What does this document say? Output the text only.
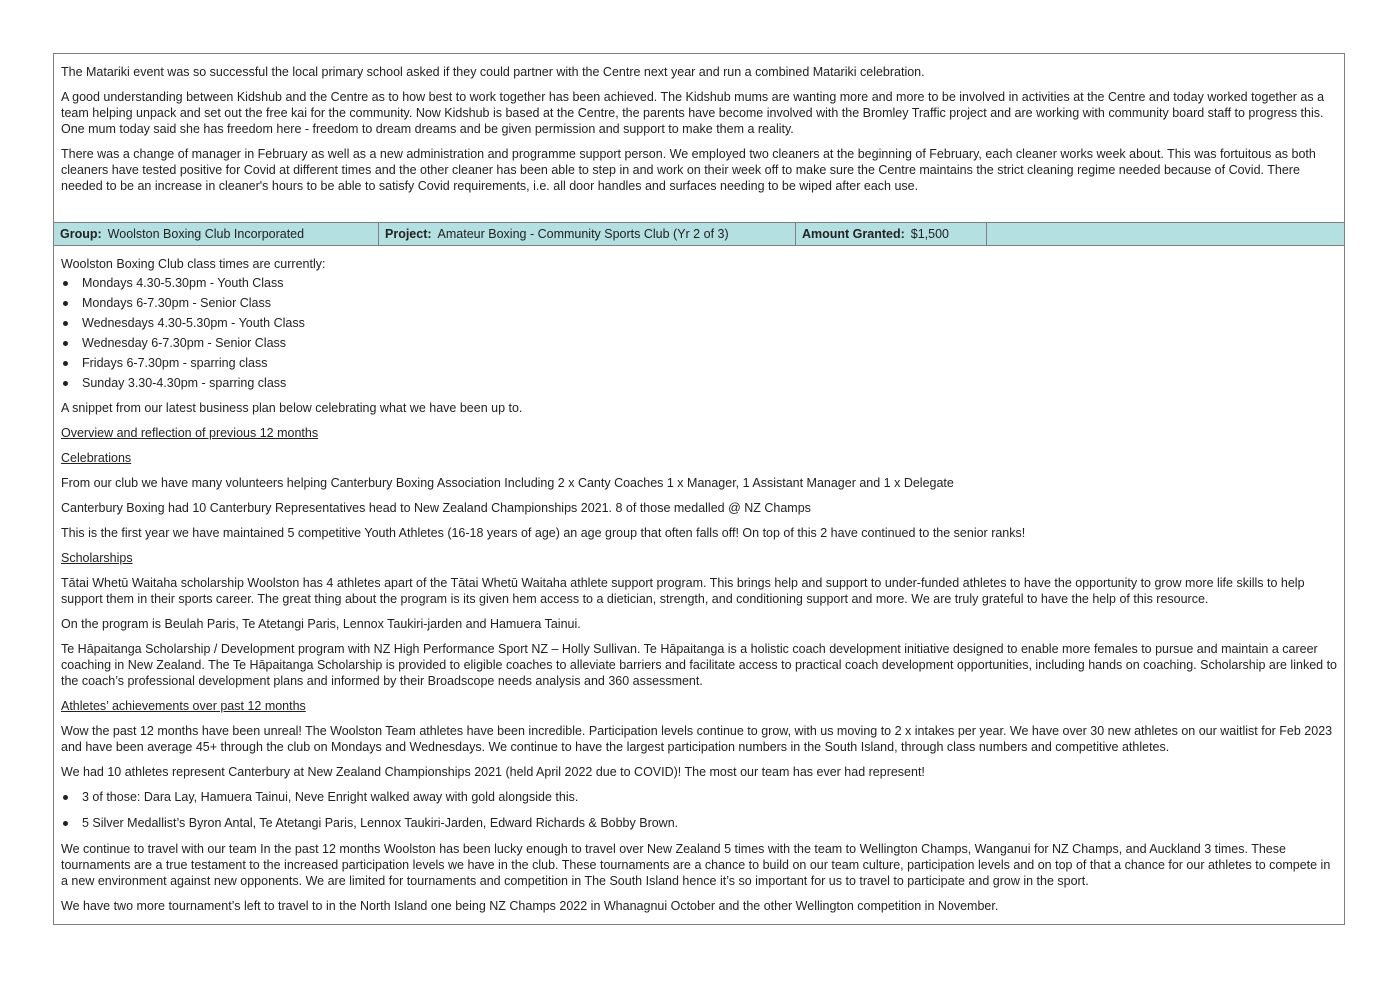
The Matariki event was so successful the local primary school asked if they could partner with the Centre next year and run a combined Matariki celebration.

A good understanding between Kidshub and the Centre as to how best to work together has been achieved. The Kidshub mums are wanting more and more to be involved in activities at the Centre and today worked together as a team helping unpack and set out the free kai for the community. Now Kidshub is based at the Centre, the parents have become involved with the Bromley Traffic project and are working with community board staff to progress this. One mum today said she has freedom here - freedom to dream dreams and be given permission and support to make them a reality.

There was a change of manager in February as well as a new administration and programme support person. We employed two cleaners at the beginning of February, each cleaner works week about. This was fortuitous as both cleaners have tested positive for Covid at different times and the other cleaner has been able to step in and work on their week off to make sure the Centre maintains the strict cleaning regime needed because of Covid. There needed to be an increase in cleaner's hours to be able to satisfy Covid requirements, i.e. all door handles and surfaces needing to be wiped after each use.

Group: Woolston Boxing Club Incorporated	Project: Amateur Boxing - Community Sports Club (Yr 2 of 3)	Amount Granted: $1,500

Woolston Boxing Club class times are currently:

Mondays 4.30-5.30pm - Youth Class
Mondays 6-7.30pm - Senior Class
Wednesdays 4.30-5.30pm - Youth Class
Wednesday 6-7.30pm - Senior Class
Fridays 6-7.30pm - sparring class
Sunday 3.30-4.30pm - sparring class

A snippet from our latest business plan below celebrating what we have been up to.

Overview and reflection of previous 12 months

Celebrations

From our club we have many volunteers helping Canterbury Boxing Association Including 2 x Canty Coaches 1 x Manager, 1 Assistant Manager and 1 x Delegate

Canterbury Boxing had 10 Canterbury Representatives head to New Zealand Championships 2021. 8 of those medalled @ NZ Champs

This is the first year we have maintained 5 competitive Youth Athletes (16-18 years of age) an age group that often falls off! On top of this 2 have continued to the senior ranks!

Scholarships

Tātai Whetū Waitaha scholarship Woolston has 4 athletes apart of the Tātai Whetū Waitaha athlete support program. This brings help and support to under-funded athletes to have the opportunity to grow more life skills to help support them in their sports career. The great thing about the program is its given hem access to a dietician, strength, and conditioning support and more. We are truly grateful to have the help of this resource.

On the program is Beulah Paris, Te Atetangi Paris, Lennox Taukiri-jarden and Hamuera Tainui.

Te Hāpaitanga Scholarship / Development program with NZ High Performance Sport NZ – Holly Sullivan. Te Hāpaitanga is a holistic coach development initiative designed to enable more females to pursue and maintain a career coaching in New Zealand. The Te Hāpaitanga Scholarship is provided to eligible coaches to alleviate barriers and facilitate access to practical coach development opportunities, including hands on coaching. Scholarship are linked to the coach’s professional development plans and informed by their Broadscope needs analysis and 360 assessment.

Athletes’ achievements over past 12 months

Wow the past 12 months have been unreal! The Woolston Team athletes have been incredible. Participation levels continue to grow, with us moving to 2 x intakes per year. We have over 30 new athletes on our waitlist for Feb 2023 and have been average 45+ through the club on Mondays and Wednesdays. We continue to have the largest participation numbers in the South Island, through class numbers and competitive athletes.

We had 10 athletes represent Canterbury at New Zealand Championships 2021 (held April 2022 due to COVID)! The most our team has ever had represent!

3 of those: Dara Lay, Hamuera Tainui, Neve Enright walked away with gold alongside this.
5 Silver Medallist’s Byron Antal, Te Atetangi Paris, Lennox Taukiri-Jarden, Edward Richards & Bobby Brown.

We continue to travel with our team In the past 12 months Woolston has been lucky enough to travel over New Zealand 5 times with the team to Wellington Champs, Wanganui for NZ Champs, and Auckland 3 times. These tournaments are a true testament to the increased participation levels we have in the club. These tournaments are a chance to build on our team culture, participation levels and on top of that a chance for our athletes to compete in a new environment against new opponents. We are limited for tournaments and competition in The South Island hence it’s so important for us to travel to participate and grow in the sport.

We have two more tournament’s left to travel to in the North Island one being NZ Champs 2022 in Whanagnui October and the other Wellington competition in November.
